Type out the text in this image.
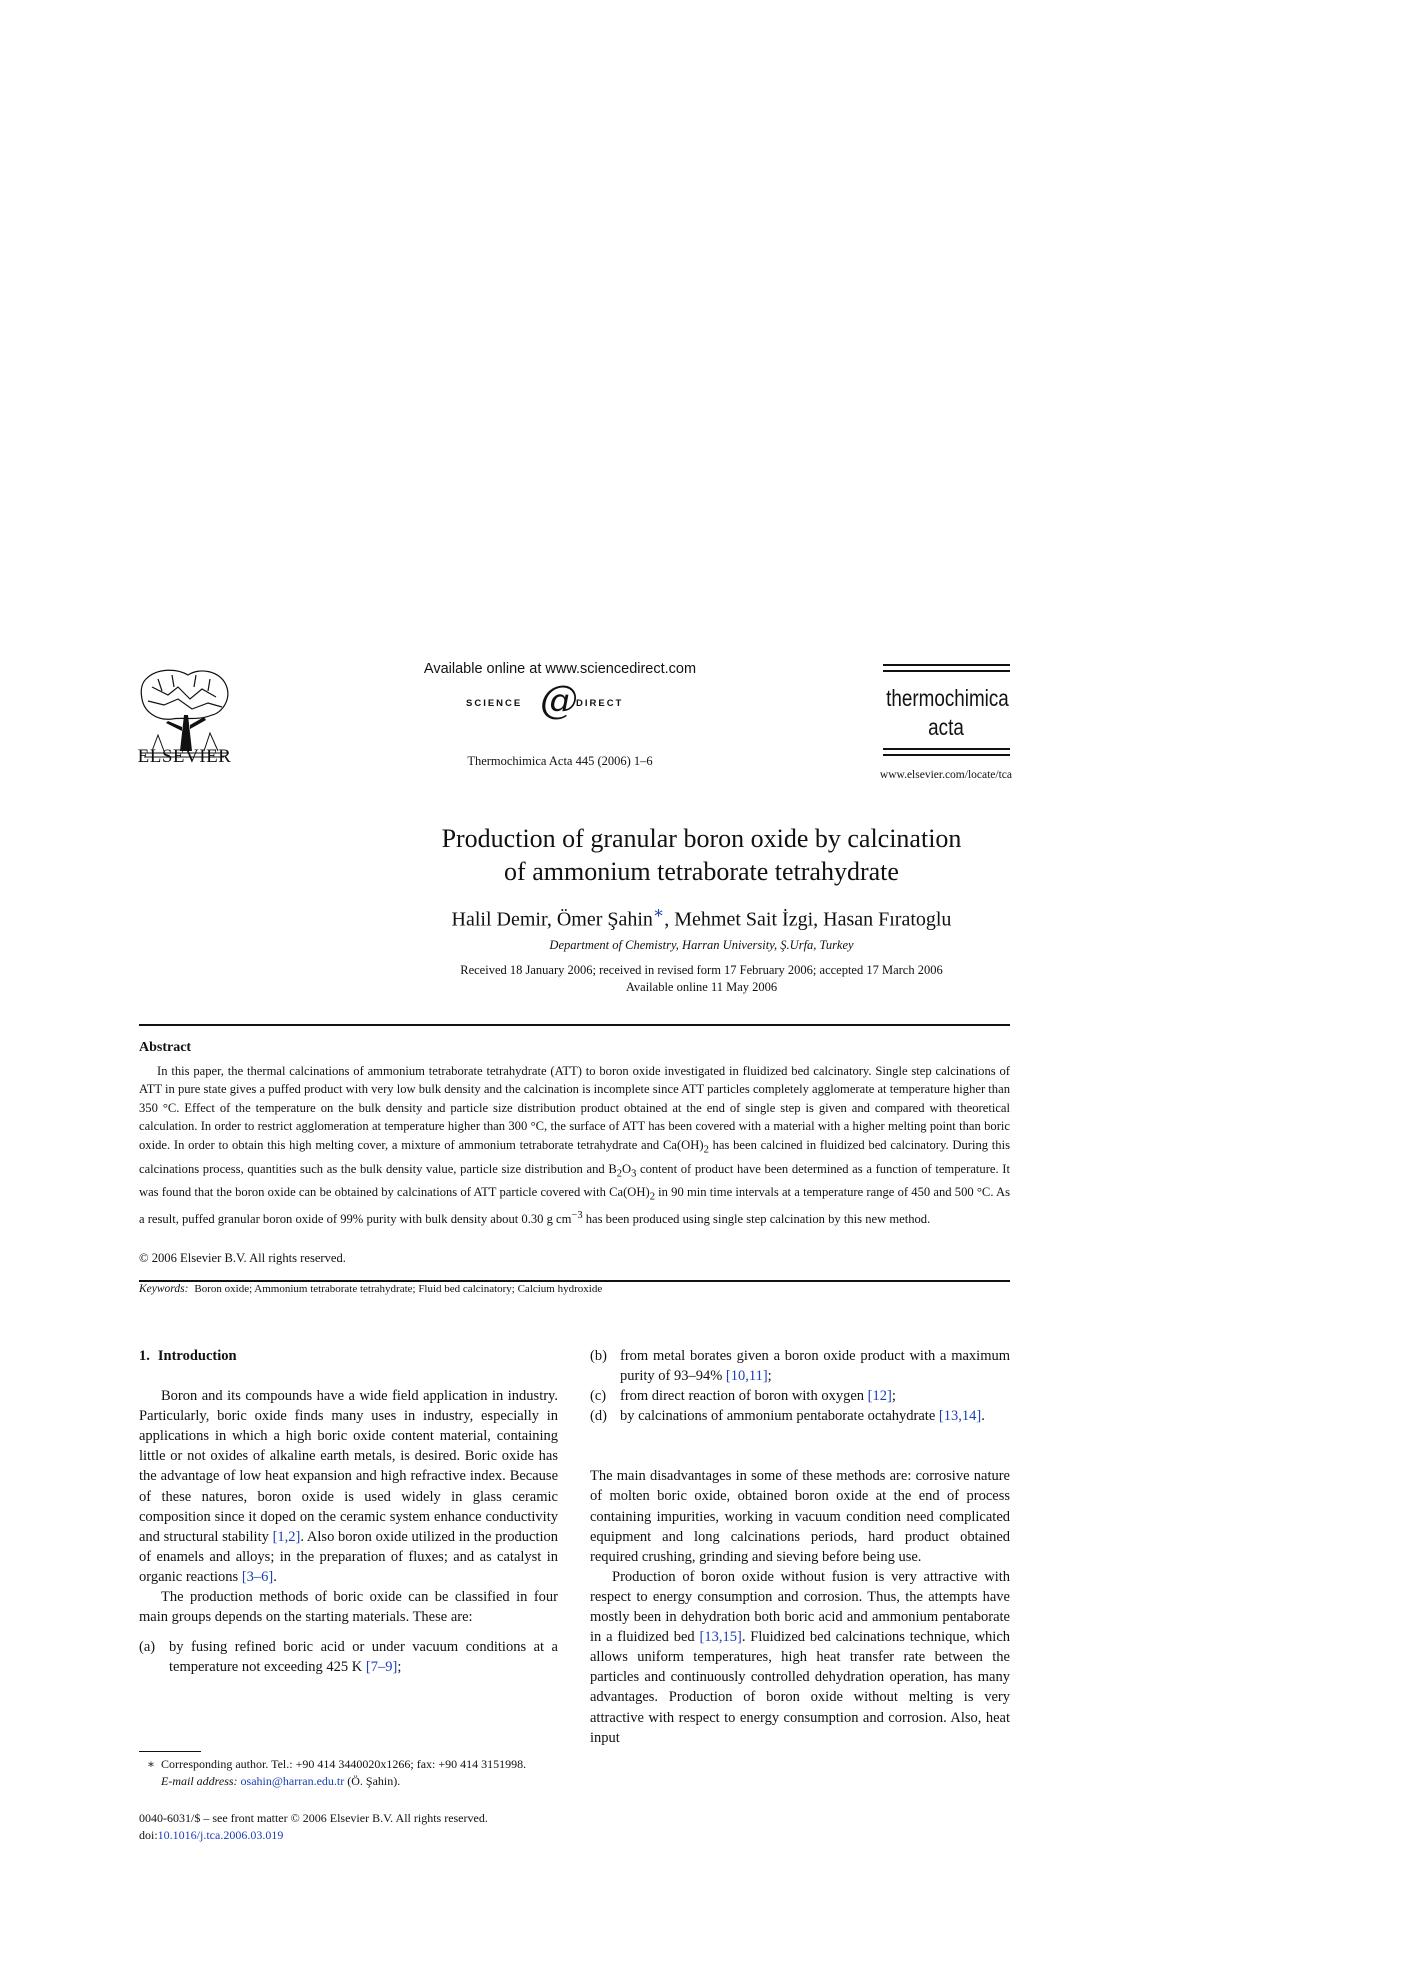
ELSEVIER
Available online at www.sciencedirect.com
SCIENCE @
DIRECT
Thermochimica Acta 445 (2006) 1–6
thermochimica
acta
www.elsevier.com/locate/tca
Production of granular boron oxide by calcination
of ammonium tetraborate tetrahydrate
Halil Demir, Ömer Şahin∗, Mehmet Sait İzgi, Hasan Fıratoglu
Department of Chemistry, Harran University, Ş.Urfa, Turkey
Received 18 January 2006; received in revised form 17 February 2006; accepted 17 March 2006
Available online 11 May 2006
Abstract

In this paper, the thermal calcinations of ammonium tetraborate tetrahydrate (ATT) to boron oxide investigated in fluidized bed calcinatory. Single step calcinations of ATT in pure state gives a puffed product with very low bulk density and the calcination is incomplete since ATT particles completely agglomerate at temperature higher than 350 °C. Effect of the temperature on the bulk density and particle size distribution product obtained at the end of single step is given and compared with theoretical calculation. In order to restrict agglomeration at temperature higher than 300 °C, the surface of ATT has been covered with a material with a higher melting point than boric oxide. In order to obtain this high melting cover, a mixture of ammonium tetraborate tetrahydrate and $Ca(OH)_2$ has been calcined in fluidized bed calcinatory. During this calcinations process, quantities such as the bulk density value, particle size distribution and $B_2O_3$ content of product have been determined as a function of temperature. It was found that the boron oxide can be obtained by calcinations of ATT particle covered with $Ca(OH)_2$ in 90 min time intervals at a temperature range of 450 and 500 °C. As a result, puffed granular boron oxide of 99% purity with bulk density about 0.30 g $cm^{-3}$ has been produced using single step calcination by this new method.

© 2006 Elsevier B.V. All rights reserved.
Keywords: Boron oxide; Ammonium tetraborate tetrahydrate; Fluid bed calcinatory; Calcium hydroxide
1. Introduction

Boron and its compounds have a wide field application in industry. Particularly, boric oxide finds many uses in industry, especially in applications in which a high boric oxide content material, containing little or not oxides of alkaline earth metals, is desired. Boric oxide has the advantage of low heat expansion and high refractive index. Because of these natures, boron oxide is used widely in glass ceramic composition since it doped on the ceramic system enhance conductivity and structural stability [1,2]. Also boron oxide utilized in the production of enamels and alloys; in the preparation of fluxes; and as catalyst in organic reactions [3–6].

The production methods of boric oxide can be classified in four main groups depends on the starting materials. These are:

(a) by fusing refined boric acid or under vacuum conditions at a temperature not exceeding 425 K [7–9];
(b) from metal borates given a boron oxide product with a maximum purity of 93–94% [10,11];
(c) from direct reaction of boron with oxygen [12];
(d) by calcinations of ammonium pentaborate octahydrate [13,14].

The main disadvantages in some of these methods are: corrosive nature of molten boric oxide, obtained boron oxide at the end of process containing impurities, working in vacuum condition need complicated equipment and long calcinations periods, hard product obtained required crushing, grinding and sieving before being use.

Production of boron oxide without fusion is very attractive with respect to energy consumption and corrosion. Thus, the attempts have mostly been in dehydration both boric acid and ammonium pentaborate in a fluidized bed [13,15]. Fluidized bed calcinations technique, which allows uniform temperatures, high heat transfer rate between the particles and continuously controlled dehydration operation, has many advantages. Production of boron oxide without melting is very attractive with respect to energy consumption and corrosion. Also, heat input

∗ Corresponding author. Tel.: +90 414 3440020x1266; fax: +90 414 3151998.
E-mail address: osahin@harran.edu.tr (Ö. Şahin).
0040-6031/$ – see front matter © 2006 Elsevier B.V. All rights reserved.
doi:10.1016/j.tca.2006.03.019
